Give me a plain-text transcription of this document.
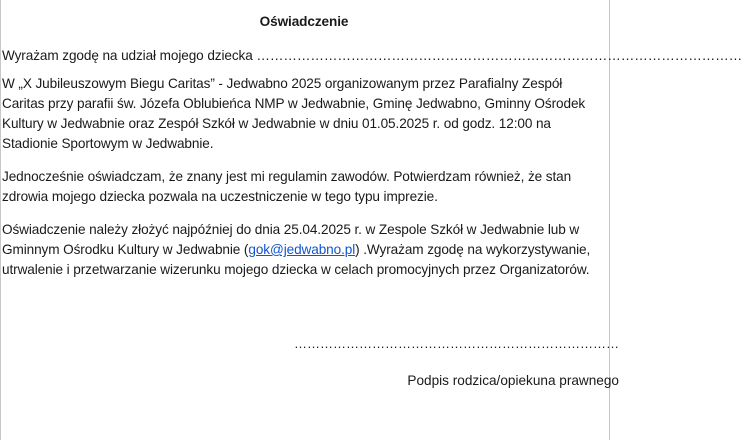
Oświadczenie
Wyrażam zgodę na udział mojego dziecka ………………………………………………………………………………………………

W „X Jubileuszowym Biegu Caritas” - Jedwabno 2025 organizowanym przez Parafialny Zespół Caritas przy parafii św. Józefa Oblubieńca NMP w Jedwabnie, Gminę Jedwabno, Gminny Ośrodek Kultury w Jedwabnie oraz Zespół Szkół w Jedwabnie w dniu 01.05.2025 r. od godz. 12:00 na Stadionie Sportowym w Jedwabnie.

Jednocześnie oświadczam, że znany jest mi regulamin zawodów. Potwierdzam również, że stan zdrowia mojego dziecka pozwala na uczestniczenie w tego typu imprezie.

Oświadczenie należy złożyć najpóźniej do dnia 25.04.2025 r. w Zespole Szkół w Jedwabnie lub w Gminnym Ośrodku Kultury w Jedwabnie (gok@jedwabno.pl) .Wyrażam zgodę na wykorzystywanie, utrwalenie i przetwarzanie wizerunku mojego dziecka w celach promocyjnych przez Organizatorów.

…………………………………………………………………
Podpis rodzica/opiekuna prawnego
